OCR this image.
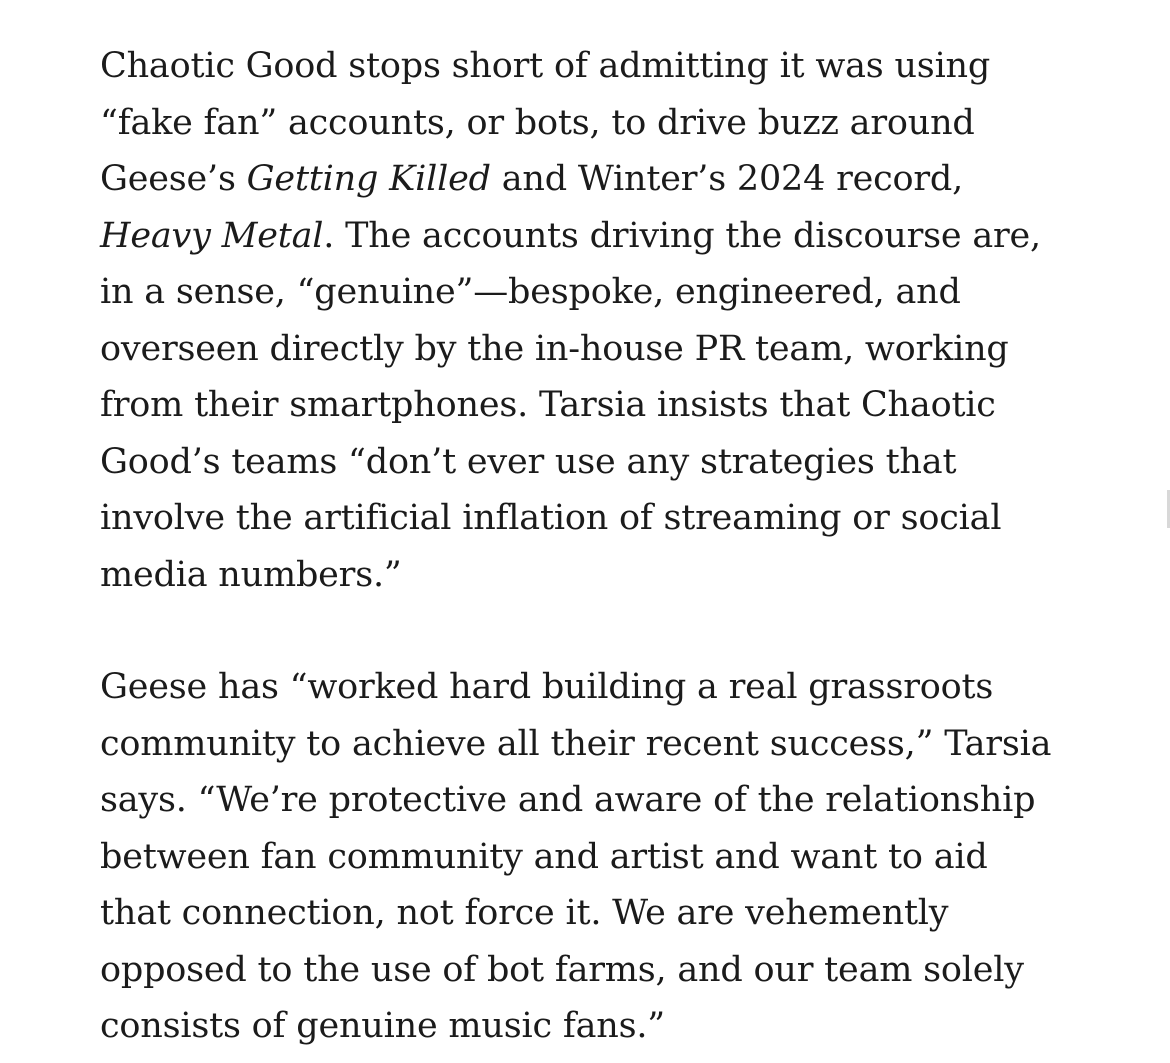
Chaotic Good stops short of admitting it was using
“fake fan” accounts, or bots, to drive buzz around
Geese’s Getting Killed and Winter’s 2024 record,
Heavy Metal. The accounts driving the discourse are,
in a sense, “genuine”—bespoke, engineered, and
overseen directly by the in-house PR team, working
from their smartphones. Tarsia insists that Chaotic
Good’s teams “don’t ever use any strategies that
involve the artificial inflation of streaming or social
media numbers.”

Geese has “worked hard building a real grassroots
community to achieve all their recent success,” Tarsia
says. “We’re protective and aware of the relationship
between fan community and artist and want to aid
that connection, not force it. We are vehemently
opposed to the use of bot farms, and our team solely
consists of genuine music fans.”
